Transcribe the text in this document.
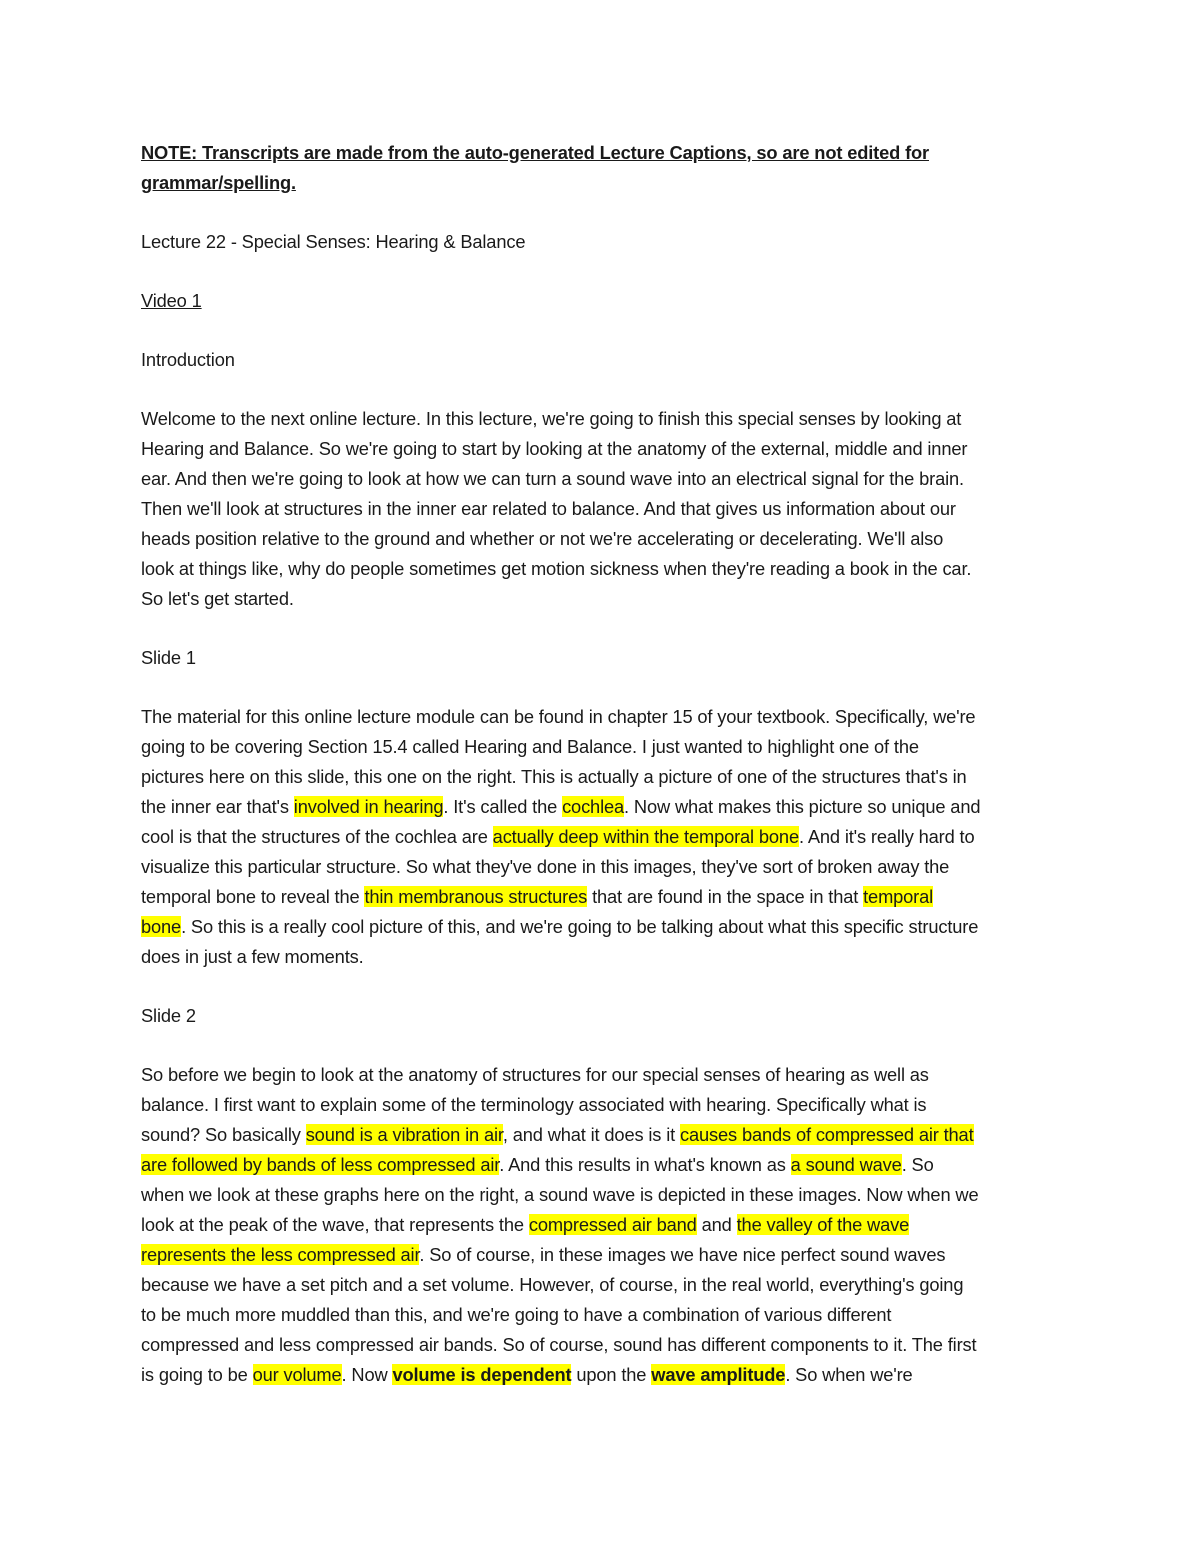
NOTE: Transcripts are made from the auto-generated Lecture Captions, so are not edited for
grammar/spelling.
Lecture 22 - Special Senses: Hearing & Balance
Video 1
Introduction
Welcome to the next online lecture. In this lecture, we're going to finish this special senses by looking at
Hearing and Balance. So we're going to start by looking at the anatomy of the external, middle and inner
ear. And then we're going to look at how we can turn a sound wave into an electrical signal for the brain.
Then we'll look at structures in the inner ear related to balance. And that gives us information about our
heads position relative to the ground and whether or not we're accelerating or decelerating. We'll also
look at things like, why do people sometimes get motion sickness when they're reading a book in the car.
So let's get started.
Slide 1
The material for this online lecture module can be found in chapter 15 of your textbook. Specifically, we're
going to be covering Section 15.4 called Hearing and Balance. I just wanted to highlight one of the
pictures here on this slide, this one on the right. This is actually a picture of one of the structures that's in
the inner ear that's involved in hearing. It's called the cochlea. Now what makes this picture so unique and
cool is that the structures of the cochlea are actually deep within the temporal bone. And it's really hard to
visualize this particular structure. So what they've done in this images, they've sort of broken away the
temporal bone to reveal the thin membranous structures that are found in the space in that temporal
bone. So this is a really cool picture of this, and we're going to be talking about what this specific structure
does in just a few moments.
Slide 2
So before we begin to look at the anatomy of structures for our special senses of hearing as well as
balance. I first want to explain some of the terminology associated with hearing. Specifically what is
sound? So basically sound is a vibration in air, and what it does is it causes bands of compressed air that
are followed by bands of less compressed air. And this results in what's known as a sound wave. So
when we look at these graphs here on the right, a sound wave is depicted in these images. Now when we
look at the peak of the wave, that represents the compressed air band and the valley of the wave
represents the less compressed air. So of course, in these images we have nice perfect sound waves
because we have a set pitch and a set volume. However, of course, in the real world, everything's going
to be much more muddled than this, and we're going to have a combination of various different
compressed and less compressed air bands. So of course, sound has different components to it. The first
is going to be our volume. Now volume is dependent upon the wave amplitude. So when we're
